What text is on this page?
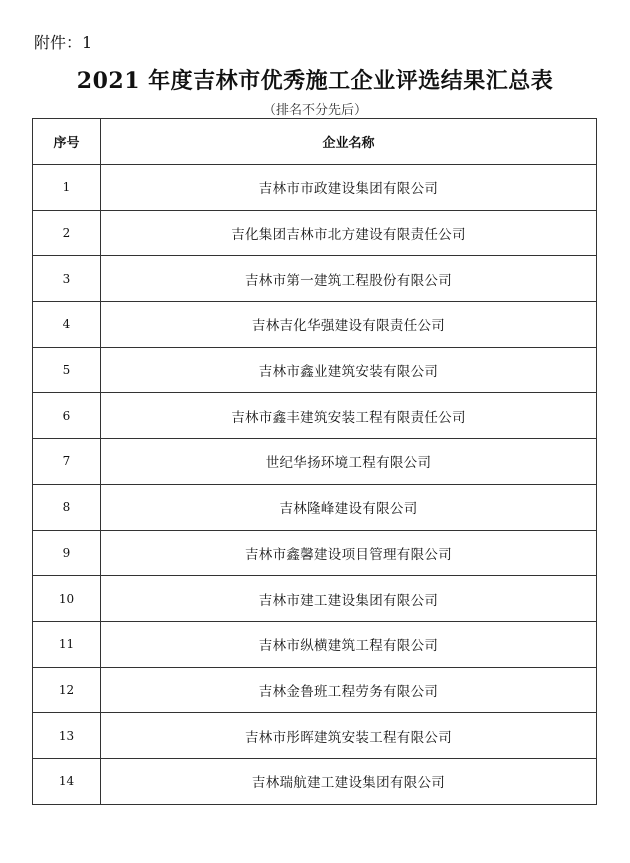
附件：1
2021 年度吉林市优秀施工企业评选结果汇总表
（排名不分先后）
序号	企业名称
1	吉林市市政建设集团有限公司
2	吉化集团吉林市北方建设有限责任公司
3	吉林市第一建筑工程股份有限公司
4	吉林吉化华强建设有限责任公司
5	吉林市鑫业建筑安装有限公司
6	吉林市鑫丰建筑安装工程有限责任公司
7	世纪华扬环境工程有限公司
8	吉林隆峰建设有限公司
9	吉林市鑫馨建设项目管理有限公司
10	吉林市建工建设集团有限公司
11	吉林市纵横建筑工程有限公司
12	吉林金鲁班工程劳务有限公司
13	吉林市彤晖建筑安装工程有限公司
14	吉林瑞航建工建设集团有限公司
